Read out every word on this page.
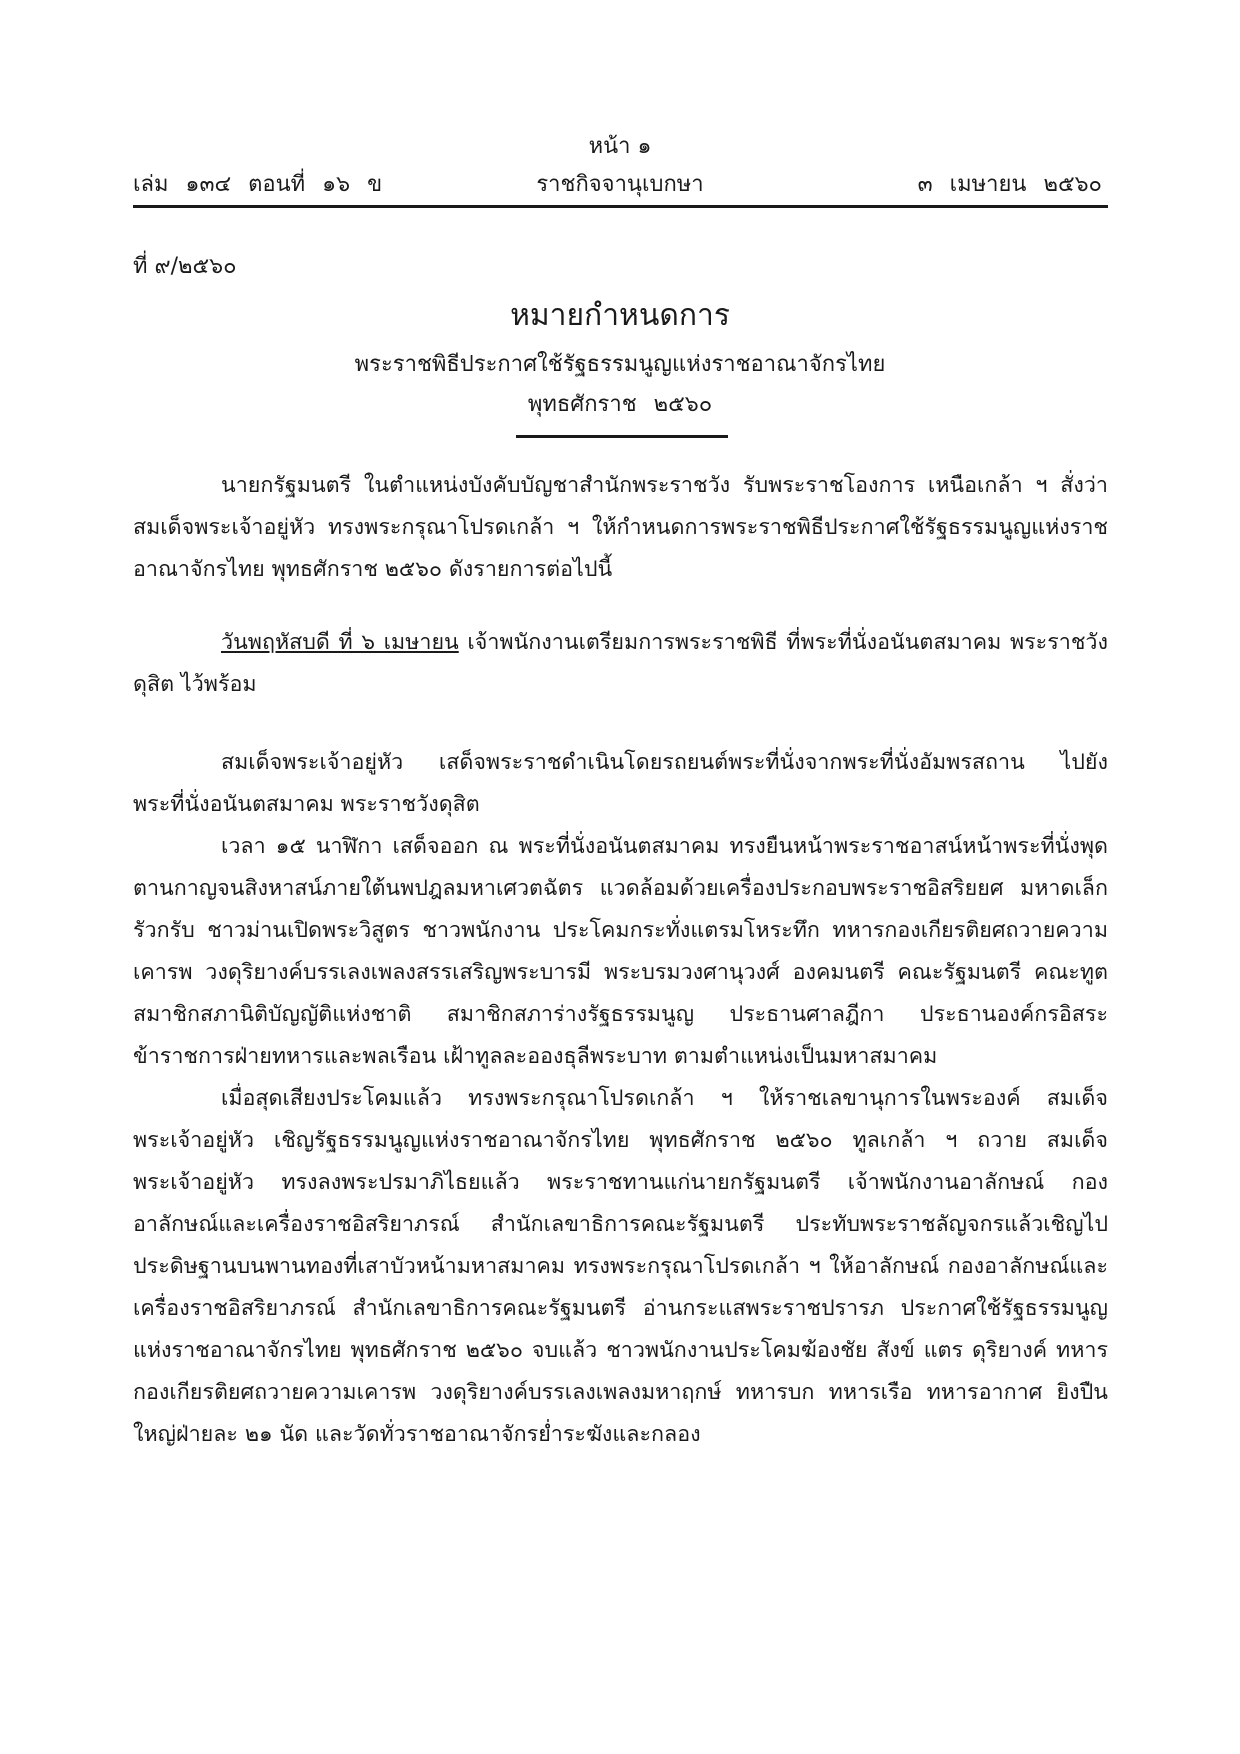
หน้า ๑
เล่ม ๑๓๔ ตอนที่ ๑๖ ข	ราชกิจจานุเบกษา	๓ เมษายน ๒๕๖๐
ที่ ๙/๒๕๖๐
หมายกำหนดการ
พระราชพิธีประกาศใช้รัฐธรรมนูญแห่งราชอาณาจักรไทย
พุทธศักราช ๒๕๖๐

นายกรัฐมนตรี ในตำแหน่งบังคับบัญชาสำนักพระราชวัง รับพระราชโองการ เหนือเกล้า ฯ สั่งว่า สมเด็จพระเจ้าอยู่หัว ทรงพระกรุณาโปรดเกล้า ฯ ให้กำหนดการพระราชพิธีประกาศใช้รัฐธรรมนูญแห่งราชอาณาจักรไทย พุทธศักราช ๒๕๖๐ ดังรายการต่อไปนี้

วันพฤหัสบดี ที่ ๖ เมษายน เจ้าพนักงานเตรียมการพระราชพิธี ที่พระที่นั่งอนันตสมาคม พระราชวังดุสิต ไว้พร้อม

สมเด็จพระเจ้าอยู่หัว เสด็จพระราชดำเนินโดยรถยนต์พระที่นั่งจากพระที่นั่งอัมพรสถาน ไปยังพระที่นั่งอนันตสมาคม พระราชวังดุสิต

เวลา ๑๕ นาฬิกา เสด็จออก ณ พระที่นั่งอนันตสมาคม ทรงยืนหน้าพระราชอาสน์หน้าพระที่นั่งพุดตานกาญจนสิงหาสน์ภายใต้นพปฎลมหาเศวตฉัตร แวดล้อมด้วยเครื่องประกอบพระราชอิสริยยศ มหาดเล็กรัวกรับ ชาวม่านเปิดพระวิสูตร ชาวพนักงาน ประโคมกระทั่งแตรมโหระทึก ทหารกองเกียรติยศถวายความเคารพ วงดุริยางค์บรรเลงเพลงสรรเสริญพระบารมี พระบรมวงศานุวงศ์ องคมนตรี คณะรัฐมนตรี คณะทูต สมาชิกสภานิติบัญญัติแห่งชาติ สมาชิกสภาร่างรัฐธรรมนูญ ประธานศาลฎีกา ประธานองค์กรอิสระ ข้าราชการฝ่ายทหารและพลเรือน เฝ้าทูลละอองธุลีพระบาท ตามตำแหน่งเป็นมหาสมาคม

เมื่อสุดเสียงประโคมแล้ว ทรงพระกรุณาโปรดเกล้า ฯ ให้ราชเลขานุการในพระองค์ สมเด็จพระเจ้าอยู่หัว เชิญรัฐธรรมนูญแห่งราชอาณาจักรไทย พุทธศักราช ๒๕๖๐ ทูลเกล้า ฯ ถวาย สมเด็จพระเจ้าอยู่หัว ทรงลงพระปรมาภิไธยแล้ว พระราชทานแก่นายกรัฐมนตรี เจ้าพนักงานอาลักษณ์ กองอาลักษณ์และเครื่องราชอิสริยาภรณ์ สำนักเลขาธิการคณะรัฐมนตรี ประทับพระราชลัญจกรแล้วเชิญไป ประดิษฐานบนพานทองที่เสาบัวหน้ามหาสมาคม ทรงพระกรุณาโปรดเกล้า ฯ ให้อาลักษณ์ กองอาลักษณ์และเครื่องราชอิสริยาภรณ์ สำนักเลขาธิการคณะรัฐมนตรี อ่านกระแสพระราชปรารภ ประกาศใช้รัฐธรรมนูญแห่งราชอาณาจักรไทย พุทธศักราช ๒๕๖๐ จบแล้ว ชาวพนักงานประโคมฆ้องชัย สังข์ แตร ดุริยางค์ ทหารกองเกียรติยศถวายความเคารพ วงดุริยางค์บรรเลงเพลงมหาฤกษ์ ทหารบก ทหารเรือ ทหารอากาศ ยิงปืนใหญ่ฝ่ายละ ๒๑ นัด และวัดทั่วราชอาณาจักรย่ำระฆังและกลอง
